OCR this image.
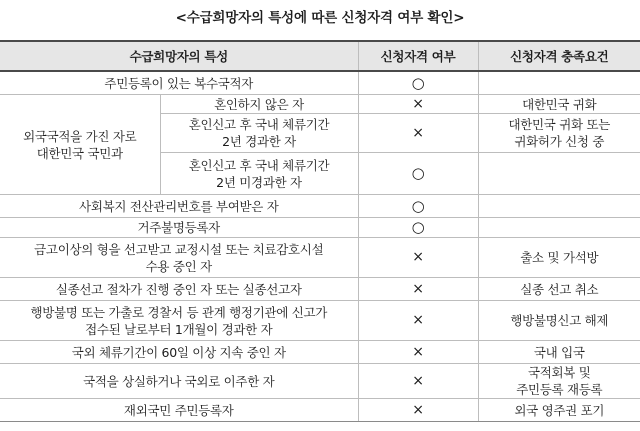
<수급희망자의 특성에 따른 신청자격 여부 확인>
수급희망자의 특성		신청자격 여부	신청자격 충족요건
주민등록이 있는 복수국적자		○	
외국국적을 가진 자로
대한민국 국민과	혼인하지 않은 자	×	대한민국 귀화
	혼인신고 후 국내 체류기간
2년 경과한 자	×	대한민국 귀화 또는
귀화허가 신청 중
	혼인신고 후 국내 체류기간
2년 미경과한 자	○	
사회복지 전산관리번호를 부여받은 자		○	
거주불명등록자		○	
금고이상의 형을 선고받고 교정시설 또는 치료감호시설
수용 중인 자		×	출소 및 가석방
실종선고 절차가 진행 중인 자 또는 실종선고자		×	실종 선고 취소
행방불명 또는 가출로 경찰서 등 관계 행정기관에 신고가
접수된 날로부터 1개월이 경과한 자		×	행방불명신고 해제
국외 체류기간이 60일 이상 지속 중인 자		×	국내 입국
국적을 상실하거나 국외로 이주한 자		×	국적회복 및
주민등록 재등록
재외국민 주민등록자		×	외국 영주권 포기
